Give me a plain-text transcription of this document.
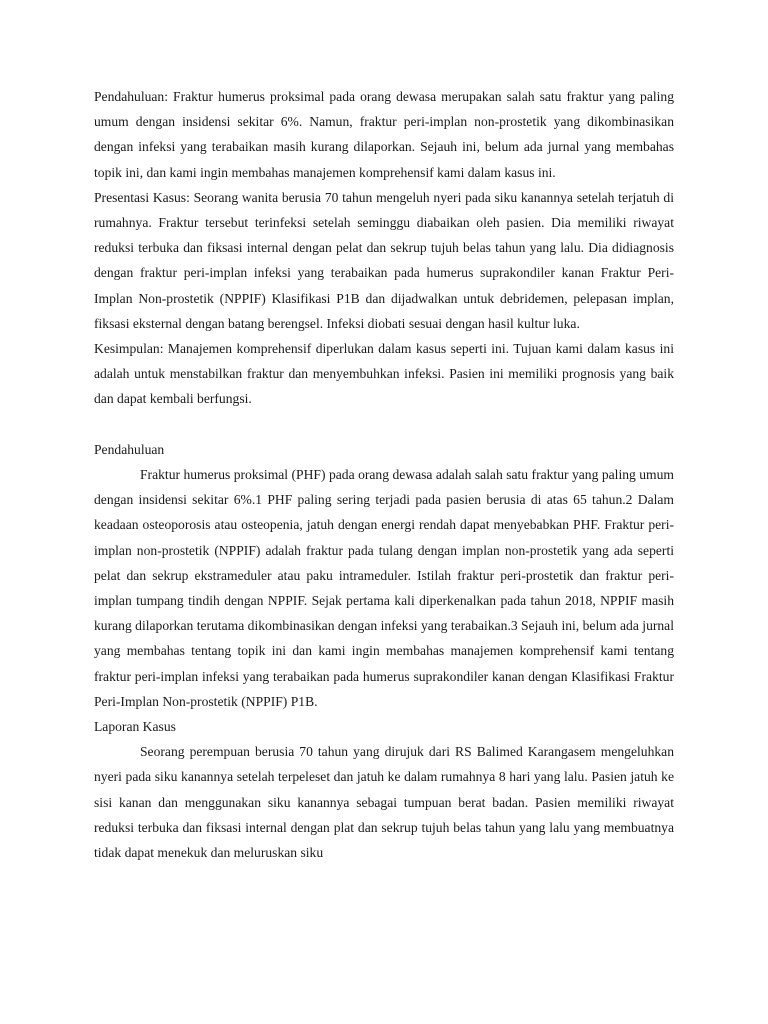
Pendahuluan: Fraktur humerus proksimal pada orang dewasa merupakan salah satu fraktur yang paling umum dengan insidensi sekitar 6%. Namun, fraktur peri-implan non-prostetik yang dikombinasikan dengan infeksi yang terabaikan masih kurang dilaporkan. Sejauh ini, belum ada jurnal yang membahas topik ini, dan kami ingin membahas manajemen komprehensif kami dalam kasus ini.

Presentasi Kasus: Seorang wanita berusia 70 tahun mengeluh nyeri pada siku kanannya setelah terjatuh di rumahnya. Fraktur tersebut terinfeksi setelah seminggu diabaikan oleh pasien. Dia memiliki riwayat reduksi terbuka dan fiksasi internal dengan pelat dan sekrup tujuh belas tahun yang lalu. Dia didiagnosis dengan fraktur peri-implan infeksi yang terabaikan pada humerus suprakondiler kanan Fraktur Peri-Implan Non-prostetik (NPPIF) Klasifikasi P1B dan dijadwalkan untuk debridemen, pelepasan implan, fiksasi eksternal dengan batang berengsel. Infeksi diobati sesuai dengan hasil kultur luka.

Kesimpulan: Manajemen komprehensif diperlukan dalam kasus seperti ini. Tujuan kami dalam kasus ini adalah untuk menstabilkan fraktur dan menyembuhkan infeksi. Pasien ini memiliki prognosis yang baik dan dapat kembali berfungsi.

Pendahuluan

Fraktur humerus proksimal (PHF) pada orang dewasa adalah salah satu fraktur yang paling umum dengan insidensi sekitar 6%.1 PHF paling sering terjadi pada pasien berusia di atas 65 tahun.2 Dalam keadaan osteoporosis atau osteopenia, jatuh dengan energi rendah dapat menyebabkan PHF. Fraktur peri-implan non-prostetik (NPPIF) adalah fraktur pada tulang dengan implan non-prostetik yang ada seperti pelat dan sekrup ekstrameduler atau paku intrameduler. Istilah fraktur peri-prostetik dan fraktur peri-implan tumpang tindih dengan NPPIF. Sejak pertama kali diperkenalkan pada tahun 2018, NPPIF masih kurang dilaporkan terutama dikombinasikan dengan infeksi yang terabaikan.3 Sejauh ini, belum ada jurnal yang membahas tentang topik ini dan kami ingin membahas manajemen komprehensif kami tentang fraktur peri-implan infeksi yang terabaikan pada humerus suprakondiler kanan dengan Klasifikasi Fraktur Peri-Implan Non-prostetik (NPPIF) P1B.

Laporan Kasus

Seorang perempuan berusia 70 tahun yang dirujuk dari RS Balimed Karangasem mengeluhkan nyeri pada siku kanannya setelah terpeleset dan jatuh ke dalam rumahnya 8 hari yang lalu. Pasien jatuh ke sisi kanan dan menggunakan siku kanannya sebagai tumpuan berat badan. Pasien memiliki riwayat reduksi terbuka dan fiksasi internal dengan plat dan sekrup tujuh belas tahun yang lalu yang membuatnya tidak dapat menekuk dan meluruskan siku
